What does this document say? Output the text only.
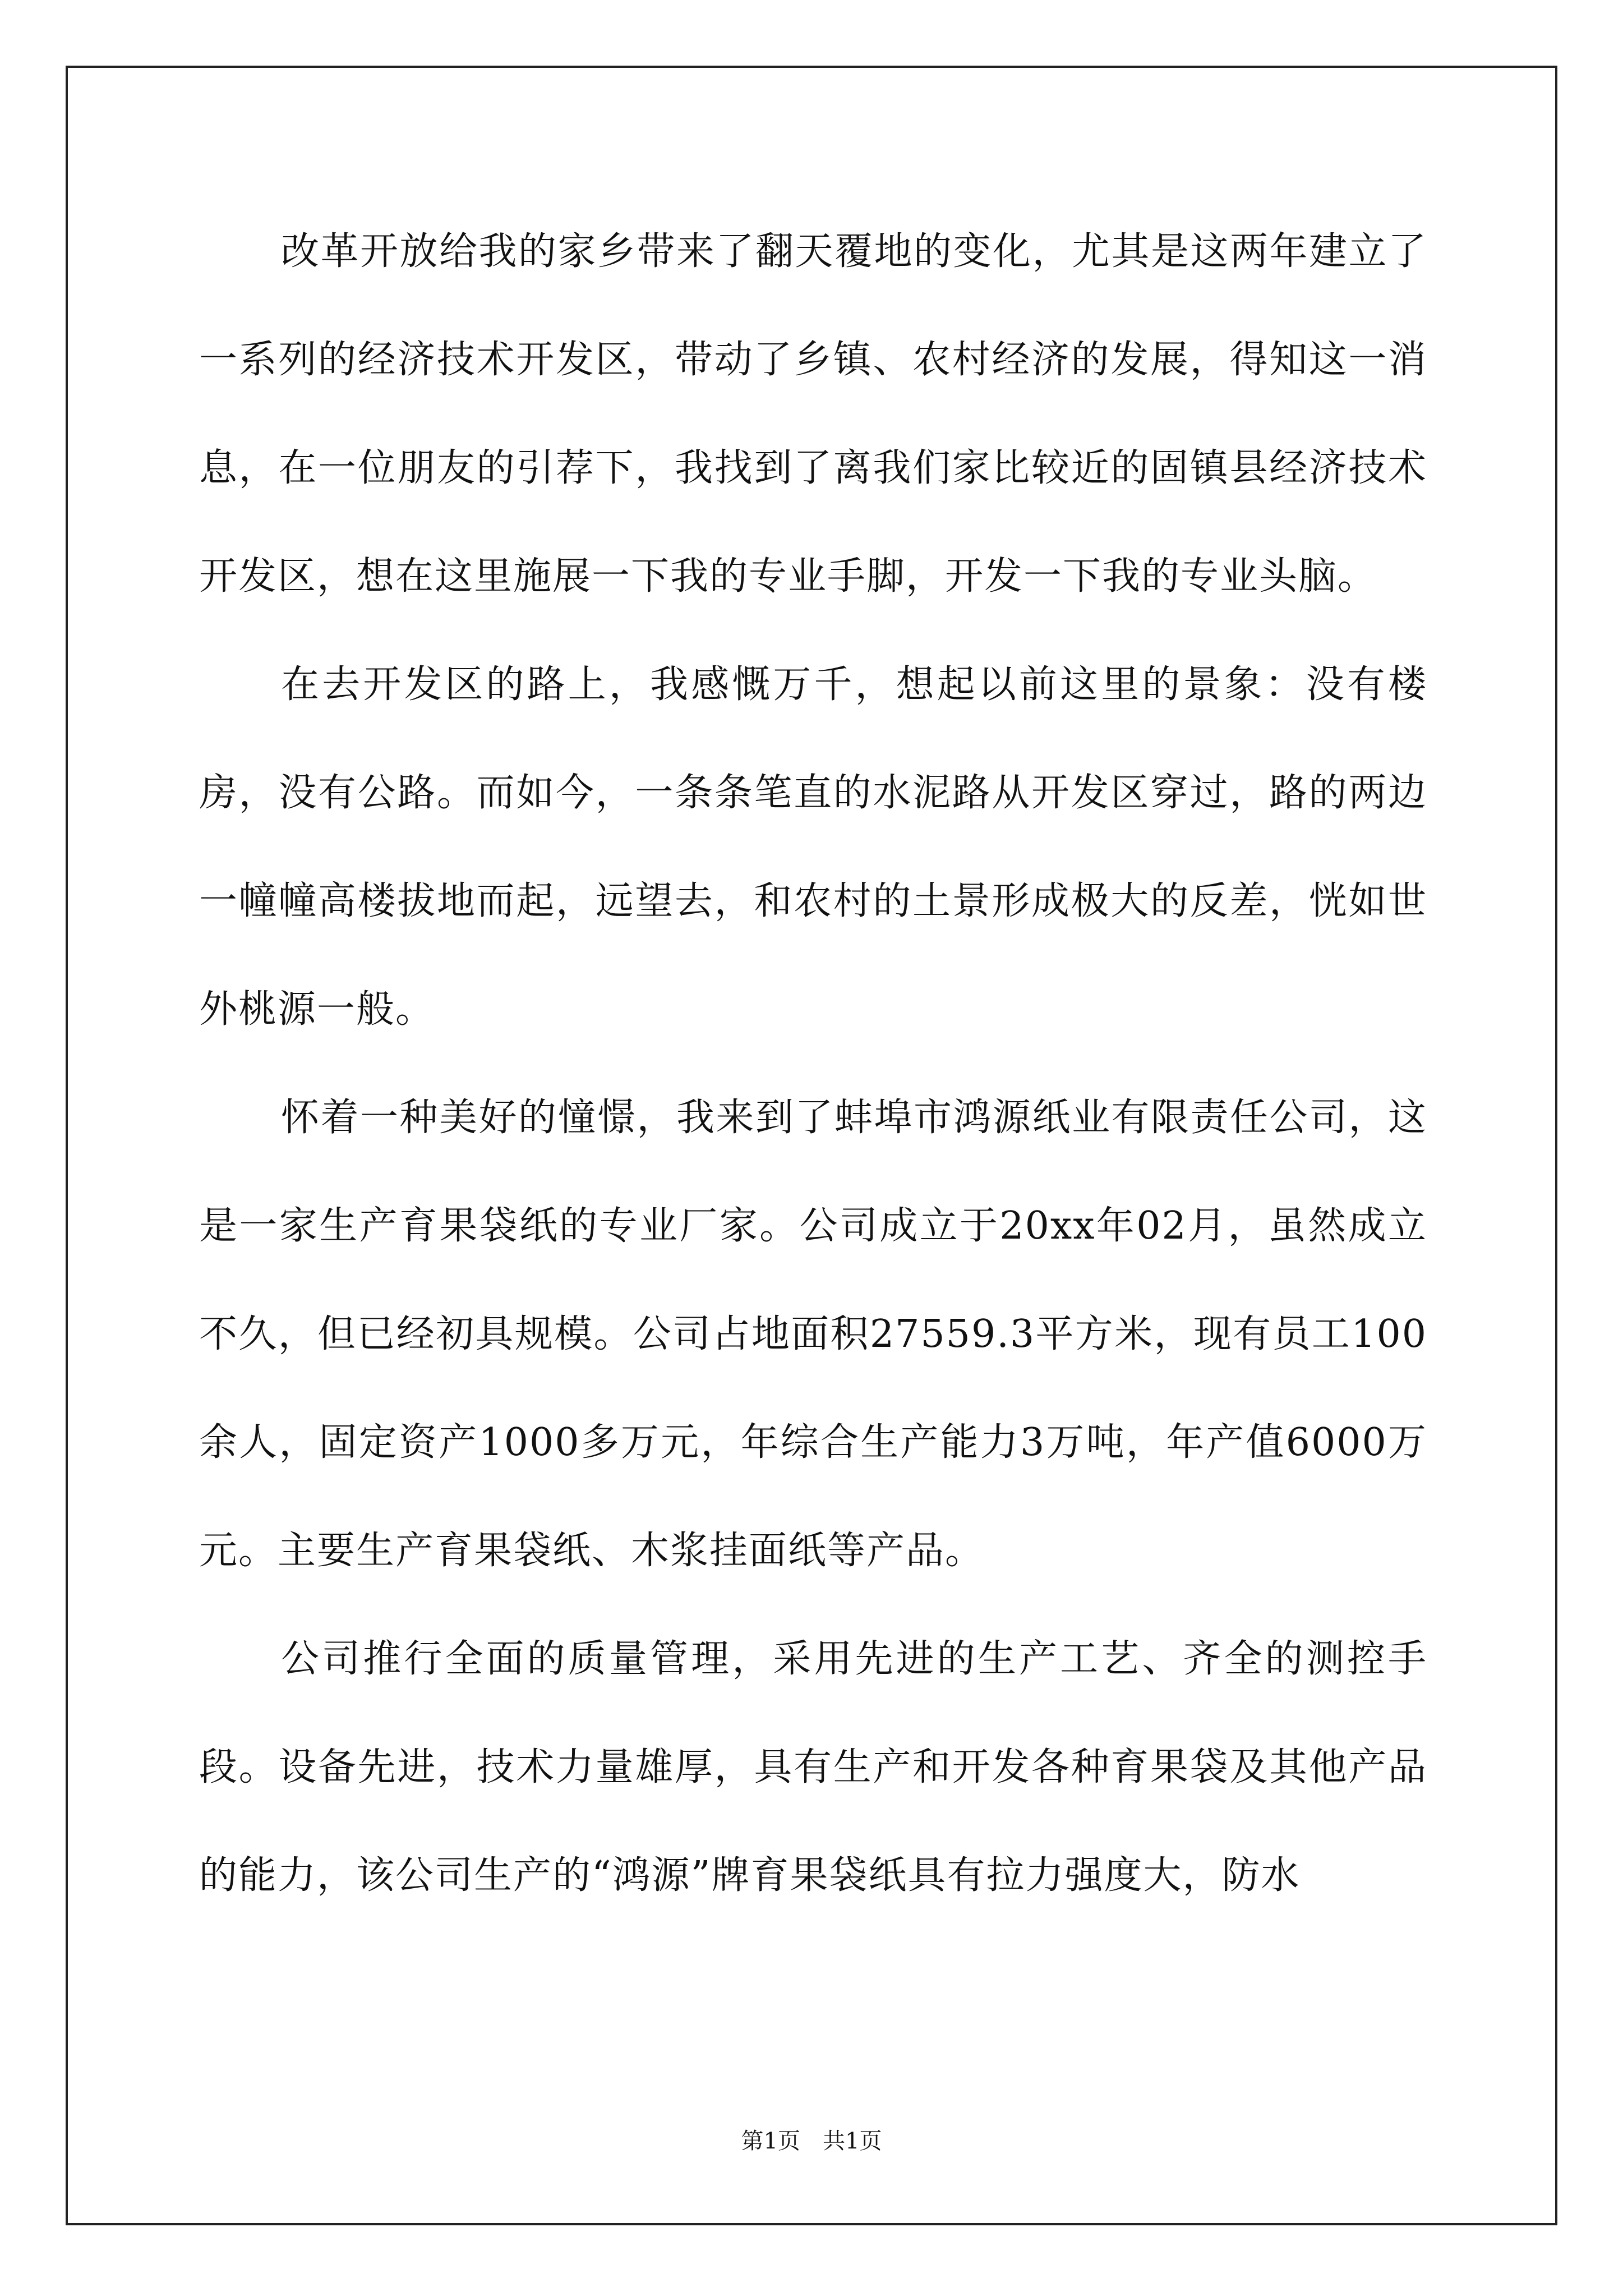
改革开放给我的家乡带来了翻天覆地的变化，尤其是这两年建立了一系列的经济技术开发区，带动了乡镇、农村经济的发展，得知这一消息，在一位朋友的引荐下，我找到了离我们家比较近的固镇县经济技术开发区，想在这里施展一下我的专业手脚，开发一下我的专业头脑。

在去开发区的路上，我感慨万千，想起以前这里的景象：没有楼房，没有公路。而如今，一条条笔直的水泥路从开发区穿过，路的两边一幢幢高楼拔地而起，远望去，和农村的土景形成极大的反差，恍如世外桃源一般。

怀着一种美好的憧憬，我来到了蚌埠市鸿源纸业有限责任公司，这是一家生产育果袋纸的专业厂家。公司成立于20xx年02月，虽然成立不久，但已经初具规模。公司占地面积27559.3平方米，现有员工100余人，固定资产1000多万元，年综合生产能力3万吨，年产值6000万元。主要生产育果袋纸、木浆挂面纸等产品。

公司推行全面的质量管理，采用先进的生产工艺、齐全的测控手段。设备先进，技术力量雄厚，具有生产和开发各种育果袋及其他产品的能力，该公司生产的“鸿源”牌育果袋纸具有拉力强度大，防水

第1页　共1页
